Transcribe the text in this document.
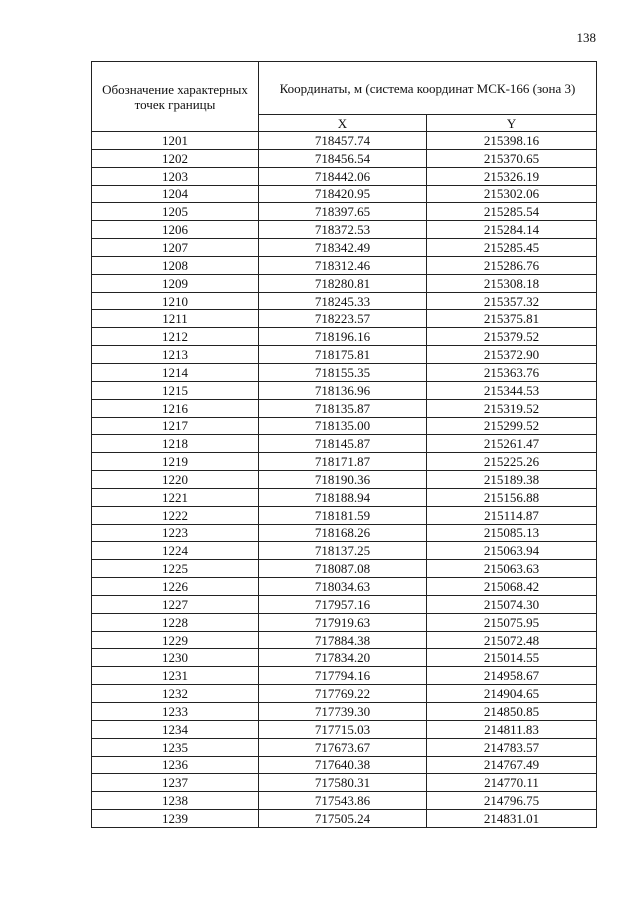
138
Обозначение характерных точек границы	Координаты, м (система координат МСК-166 (зона 3)	
	X	Y
1201	718457.74	215398.16
1202	718456.54	215370.65
1203	718442.06	215326.19
1204	718420.95	215302.06
1205	718397.65	215285.54
1206	718372.53	215284.14
1207	718342.49	215285.45
1208	718312.46	215286.76
1209	718280.81	215308.18
1210	718245.33	215357.32
1211	718223.57	215375.81
1212	718196.16	215379.52
1213	718175.81	215372.90
1214	718155.35	215363.76
1215	718136.96	215344.53
1216	718135.87	215319.52
1217	718135.00	215299.52
1218	718145.87	215261.47
1219	718171.87	215225.26
1220	718190.36	215189.38
1221	718188.94	215156.88
1222	718181.59	215114.87
1223	718168.26	215085.13
1224	718137.25	215063.94
1225	718087.08	215063.63
1226	718034.63	215068.42
1227	717957.16	215074.30
1228	717919.63	215075.95
1229	717884.38	215072.48
1230	717834.20	215014.55
1231	717794.16	214958.67
1232	717769.22	214904.65
1233	717739.30	214850.85
1234	717715.03	214811.83
1235	717673.67	214783.57
1236	717640.38	214767.49
1237	717580.31	214770.11
1238	717543.86	214796.75
1239	717505.24	214831.01
